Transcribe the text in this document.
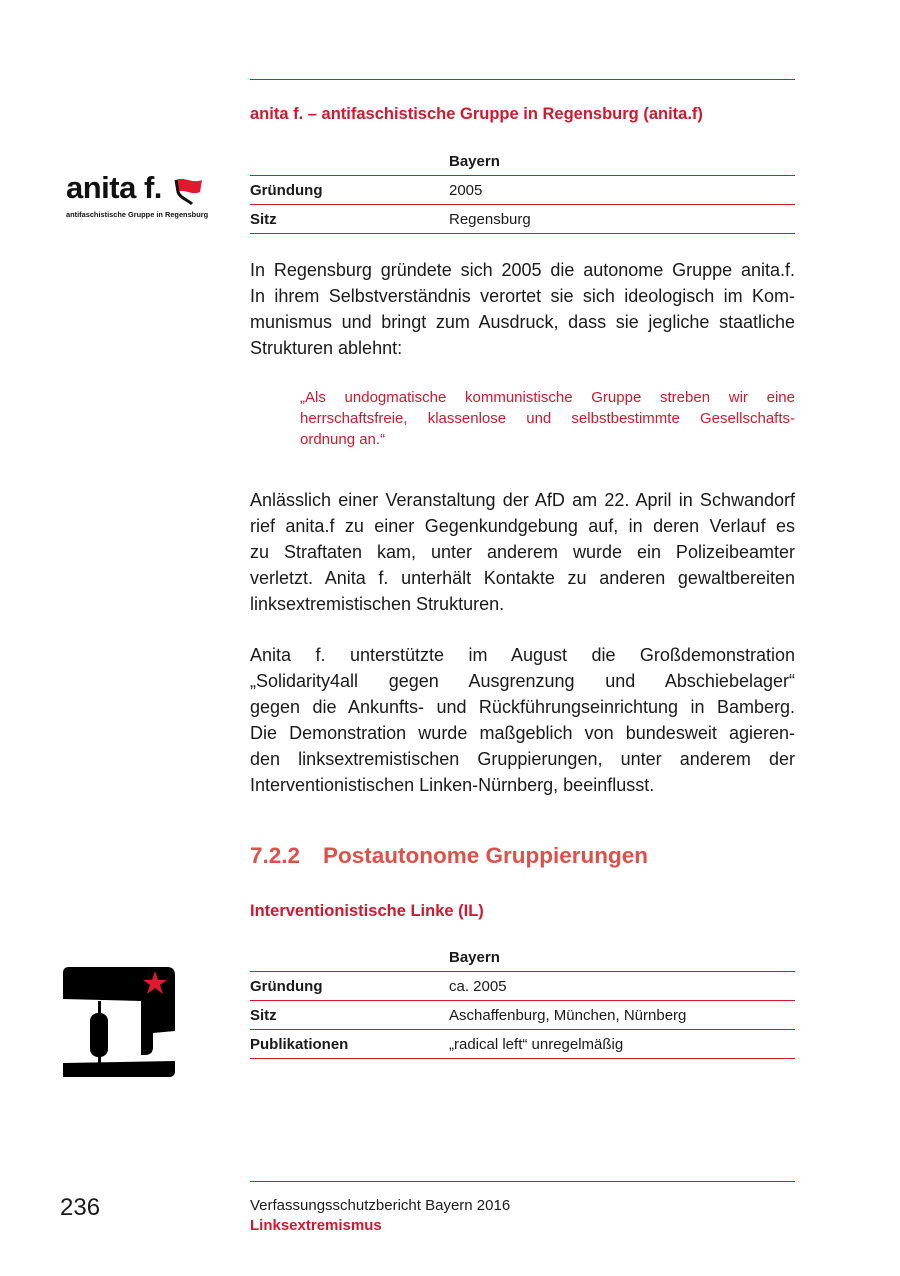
anita f. – antifaschistische Gruppe in Regensburg (anita.f)
anita f.
antifaschistische Gruppe in Regensburg
	Bayern
Gründung	2005
Sitz	Regensburg
In Regensburg gründete sich 2005 die autonome Gruppe anita.f.
In ihrem Selbstverständnis verortet sie sich ideologisch im Kom-
munismus und bringt zum Ausdruck, dass sie jegliche staatliche
Strukturen ablehnt:
„Als undogmatische kommunistische Gruppe streben wir eine
herrschaftsfreie, klassenlose und selbstbestimmte Gesellschafts-
ordnung an.“
Anlässlich einer Veranstaltung der AfD am 22. April in Schwandorf
rief anita.f zu einer Gegenkundgebung auf, in deren Verlauf es
zu Straftaten kam, unter anderem wurde ein Polizeibeamter
verletzt. Anita f. unterhält Kontakte zu anderen gewaltbereiten
linksextremistischen Strukturen.
Anita f. unterstützte im August die Großdemonstration
„Solidarity4all gegen Ausgrenzung und Abschiebelager“
gegen die Ankunfts- und Rückführungseinrichtung in Bamberg.
Die Demonstration wurde maßgeblich von bundesweit agieren-
den linksextremistischen Gruppierungen, unter anderem der
Interventionistischen Linken-Nürnberg, beeinflusst.
7.2.2 Postautonome Gruppierungen
Interventionistische Linke (IL)
	Bayern
Gründung	ca. 2005
Sitz	Aschaffenburg, München, Nürnberg
Publikationen	„radical left“ unregelmäßig
236	Verfassungsschutzbericht Bayern 2016
Linksextremismus
